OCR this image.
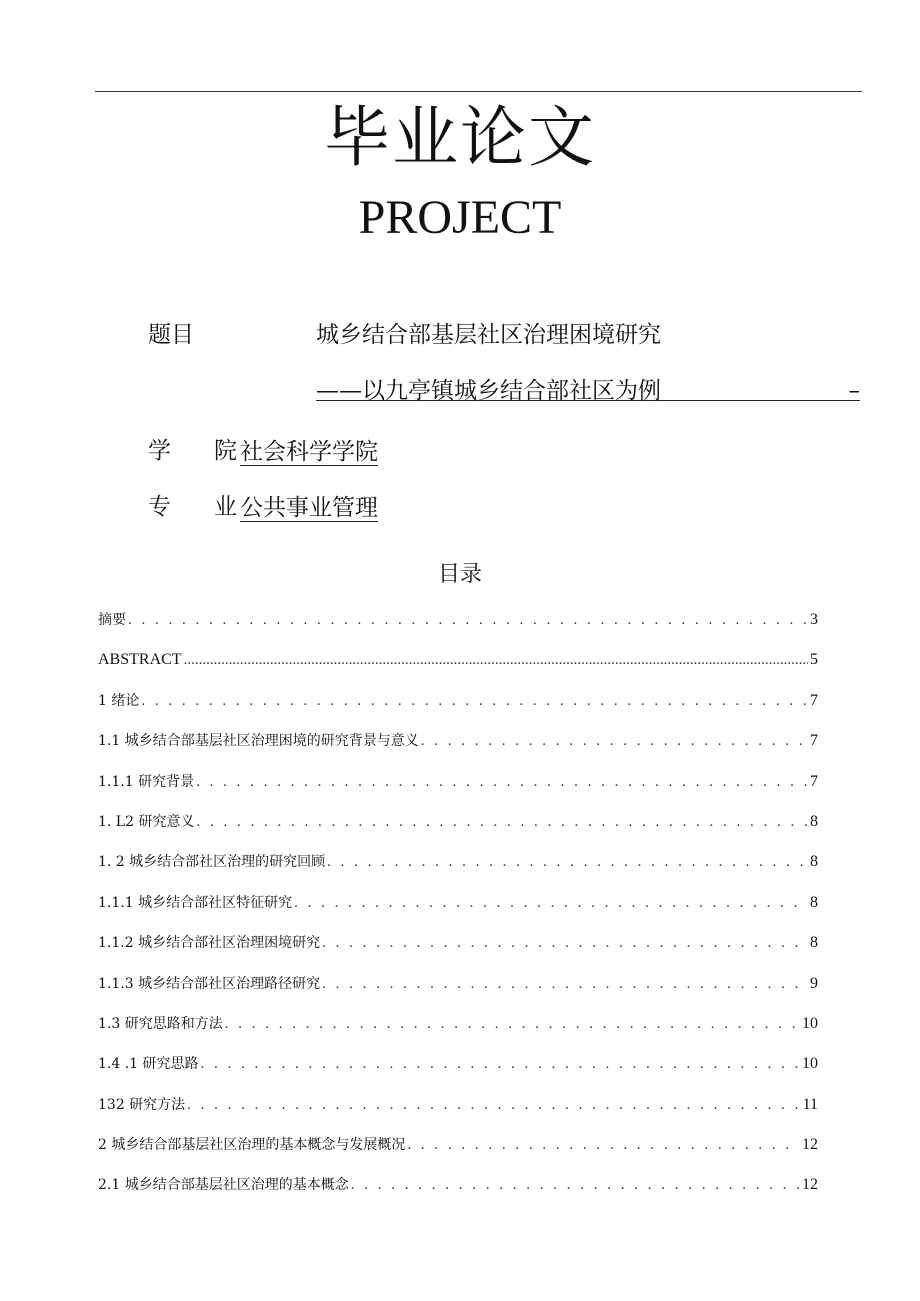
毕业论文
PROJECT
题目	城乡结合部基层社区治理困境研究
——以九亭镇城乡结合部社区为例	–
学 院 社会科学学院
专 业 公共事业管理
目录
摘要 . . .	3
ABSTRACT .....	5
1 绪论 . . .	7
1.1 城乡结合部基层社区治理困境的研究背景与意义 . . .	7
1.1.1 研究背景 . . .	7
1. L2 研究意义 . . .	8
1. 2 城乡结合部社区治理的研究回顾 . . .	8
1.1.1 城乡结合部社区特征研究 . . .	8
1.1.2 城乡结合部社区治理困境研究 . . .	8
1.1.3 城乡结合部社区治理路径研究 . . .	9
1.3 研究思路和方法 . . .	10
1.4 .1 研究思路 . . .	10
132 研究方法 . . .	11
2 城乡结合部基层社区治理的基本概念与发展概况 . . .	12
2.1 城乡结合部基层社区治理的基本概念 . . .	12
